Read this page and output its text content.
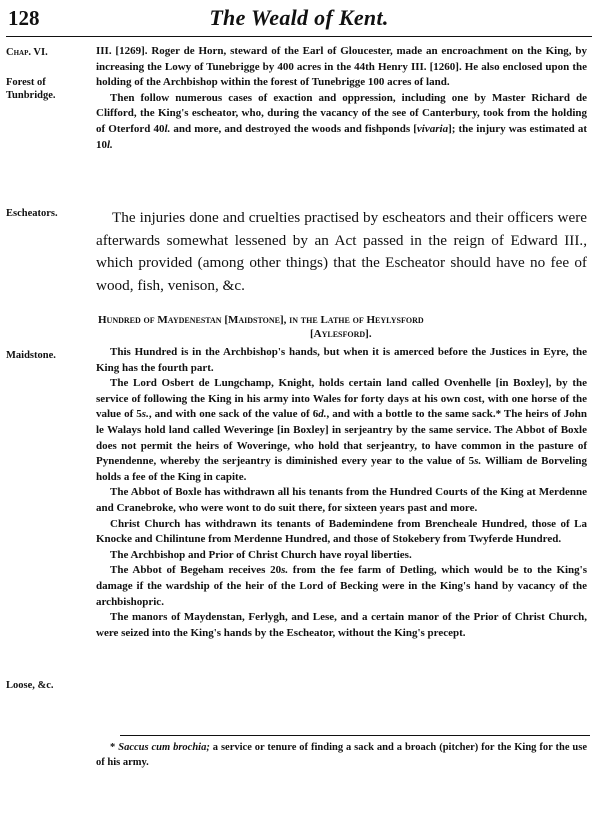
128	The Weald of Kent.
Chap. VI.
Forest of Tunbridge.
Escheators.
Maidstone.
Loose, &c.

III. [1269]. Roger de Horn, steward of the Earl of Gloucester, made an encroachment on the King, by increasing the Lowy of Tunebrigge by 400 acres in the 44th Henry III. [1260]. He also enclosed upon the holding of the Archbishop within the forest of Tunebrigge 100 acres of land.

Then follow numerous cases of exaction and oppression, including one by Master Richard de Clifford, the King's escheator, who, during the vacancy of the see of Canterbury, took from the holding of Oterford 40l. and more, and destroyed the woods and fishponds [vivaria]; the injury was estimated at 10l.

The injuries done and cruelties practised by escheators and their officers were afterwards somewhat lessened by an Act passed in the reign of Edward III., which provided (among other things) that the Escheator should have no fee of wood, fish, venison, &c.

Hundred of Maydenestan [Maidstone], in the Lathe of Heylysford
[Aylesford].

This Hundred is in the Archbishop's hands, but when it is amerced before the Justices in Eyre, the King has the fourth part.

The Lord Osbert de Lungchamp, Knight, holds certain land called Ovenhelle [in Boxley], by the service of following the King in his army into Wales for forty days at his own cost, with one horse of the value of 5s., and with one sack of the value of 6d., and with a bottle to the same sack.* The heirs of John le Walays hold land called Weveringe [in Boxley] in serjeantry by the same service. The Abbot of Boxle does not permit the heirs of Woveringe, who hold that serjeantry, to have common in the pasture of Pynendenne, whereby the serjeantry is diminished every year to the value of 5s. William de Borveling holds a fee of the King in capite.

The Abbot of Boxle has withdrawn all his tenants from the Hundred Courts of the King at Merdenne and Cranebroke, who were wont to do suit there, for sixteen years past and more.

Christ Church has withdrawn its tenants of Bademindene from Brencheale Hundred, those of La Knocke and Chilintune from Merdenne Hundred, and those of Stokebery from Twyferde Hundred.

The Archbishop and Prior of Christ Church have royal liberties.

The Abbot of Begeham receives 20s. from the fee farm of Detling, which would be to the King's damage if the wardship of the heir of the Lord of Becking were in the King's hand by vacancy of the archbishopric.

The manors of Maydenstan, Ferlygh, and Lese, and a certain manor of the Prior of Christ Church, were seized into the King's hands by the Escheator, without the King's precept.

* Saccus cum brochia; a service or tenure of finding a sack and a broach (pitcher) for the King for the use of his army.
